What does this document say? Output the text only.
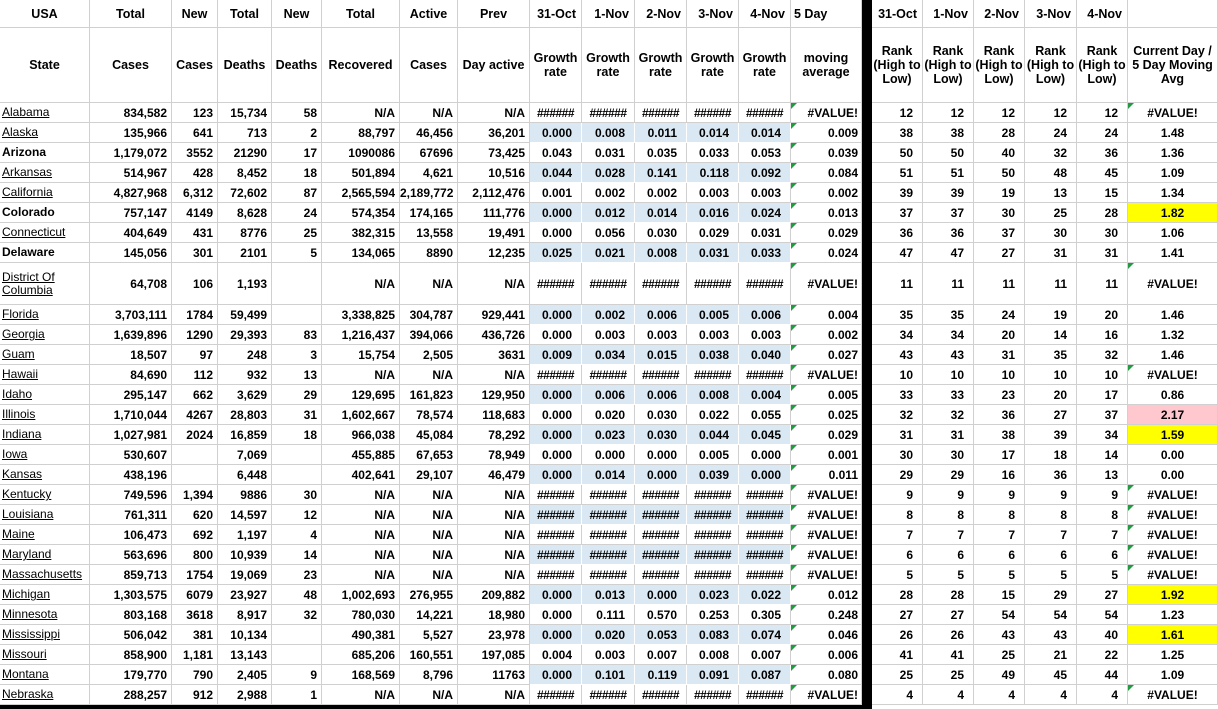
USA	Total	New	Total	New	Total	Active	Prev	31-Oct	1-Nov	2-Nov	3-Nov	4-Nov	5 Day		31-Oct	1-Nov	2-Nov	3-Nov	4-Nov	
State	Cases	Cases	Deaths	Deaths	Recovered	Cases	Day active	Growth rate	Growth rate	Growth rate	Growth rate	Growth rate	moving average		Rank (High to Low)	Rank (High to Low)	Rank (High to Low)	Rank (High to Low)	Rank (High to Low)	Current Day / 5 Day Moving Avg
Alabama	834,582	123	15,734	58	N/A	N/A	N/A	######	######	######	######	######	#VALUE!		12	12	12	12	12	#VALUE!

Alaska	135,966	641	713	2	88,797	46,456	36,201	0.000	0.008	0.011	0.014	0.014	0.009		38	38	28	24	24	1.48
Arizona	1,179,072	3552	21290	17	1090086	67696	73,425	0.043	0.031	0.035	0.033	0.053	0.039		50	50	40	32	36	1.36
Arkansas	514,967	428	8,452	18	501,894	4,621	10,516	0.044	0.028	0.141	0.118	0.092	0.084		51	51	50	48	45	1.09
California	4,827,968	6,312	72,602	87	2,565,594	2,189,772	2,112,476	0.001	0.002	0.002	0.003	0.003	0.002		39	39	19	13	15	1.34
Colorado	757,147	4149	8,628	24	574,354	174,165	111,776	0.000	0.012	0.014	0.016	0.024	0.013		37	37	30	25	28	1.82
Connecticut	404,649	431	8776	25	382,315	13,558	19,491	0.000	0.056	0.030	0.029	0.031	0.029		36	36	37	30	30	1.06
Delaware	145,056	301	2101	5	134,065	8890	12,235	0.025	0.021	0.008	0.031	0.033	0.024		47	47	27	31	31	1.41
District Of Columbia	64,708	106	1,193		N/A	N/A	N/A	######	######	######	######	######	#VALUE!		11	11	11	11	11	#VALUE!

Florida	3,703,111	1784	59,499		3,338,825	304,787	929,441	0.000	0.002	0.006	0.005	0.006	0.004		35	35	24	19	20	1.46
Georgia	1,639,896	1290	29,393	83	1,216,437	394,066	436,726	0.000	0.003	0.003	0.003	0.003	0.002		34	34	20	14	16	1.32
Guam	18,507	97	248	3	15,754	2,505	3631	0.009	0.034	0.015	0.038	0.040	0.027		43	43	31	35	32	1.46
Hawaii	84,690	112	932	13	N/A	N/A	N/A	######	######	######	######	######	#VALUE!		10	10	10	10	10	#VALUE!

Idaho	295,147	662	3,629	29	129,695	161,823	129,950	0.000	0.006	0.006	0.008	0.004	0.005		33	33	23	20	17	0.86
Illinois	1,710,044	4267	28,803	31	1,602,667	78,574	118,683	0.000	0.020	0.030	0.022	0.055	0.025		32	32	36	27	37	2.17
Indiana	1,027,981	2024	16,859	18	966,038	45,084	78,292	0.000	0.023	0.030	0.044	0.045	0.029		31	31	38	39	34	1.59
Iowa	530,607		7,069		455,885	67,653	78,949	0.000	0.000	0.000	0.005	0.000	0.001		30	30	17	18	14	0.00
Kansas	438,196		6,448		402,641	29,107	46,479	0.000	0.014	0.000	0.039	0.000	0.011		29	29	16	36	13	0.00
Kentucky	749,596	1,394	9886	30	N/A	N/A	N/A	######	######	######	######	######	#VALUE!		9	9	9	9	9	#VALUE!

Louisiana	761,311	620	14,597	12	N/A	N/A	N/A	######	######	######	######	######	#VALUE!		8	8	8	8	8	#VALUE!

Maine	106,473	692	1,197	4	N/A	N/A	N/A	######	######	######	######	######	#VALUE!		7	7	7	7	7	#VALUE!

Maryland	563,696	800	10,939	14	N/A	N/A	N/A	######	######	######	######	######	#VALUE!		6	6	6	6	6	#VALUE!

Massachusetts	859,713	1754	19,069	23	N/A	N/A	N/A	######	######	######	######	######	#VALUE!		5	5	5	5	5	#VALUE!

Michigan	1,303,575	6079	23,927	48	1,002,693	276,955	209,882	0.000	0.013	0.000	0.023	0.022	0.012		28	28	15	29	27	1.92
Minnesota	803,168	3618	8,917	32	780,030	14,221	18,980	0.000	0.111	0.570	0.253	0.305	0.248		27	27	54	54	54	1.23
Mississippi	506,042	381	10,134		490,381	5,527	23,978	0.000	0.020	0.053	0.083	0.074	0.046		26	26	43	43	40	1.61
Missouri	858,900	1,181	13,143		685,206	160,551	197,085	0.004	0.003	0.007	0.008	0.007	0.006		41	41	25	21	22	1.25
Montana	179,770	790	2,405	9	168,569	8,796	11763	0.000	0.101	0.119	0.091	0.087	0.080		25	25	49	45	44	1.09
Nebraska	288,257	912	2,988	1	N/A	N/A	N/A	######	######	######	######	######	#VALUE!		4	4	4	4	4	#VALUE!
